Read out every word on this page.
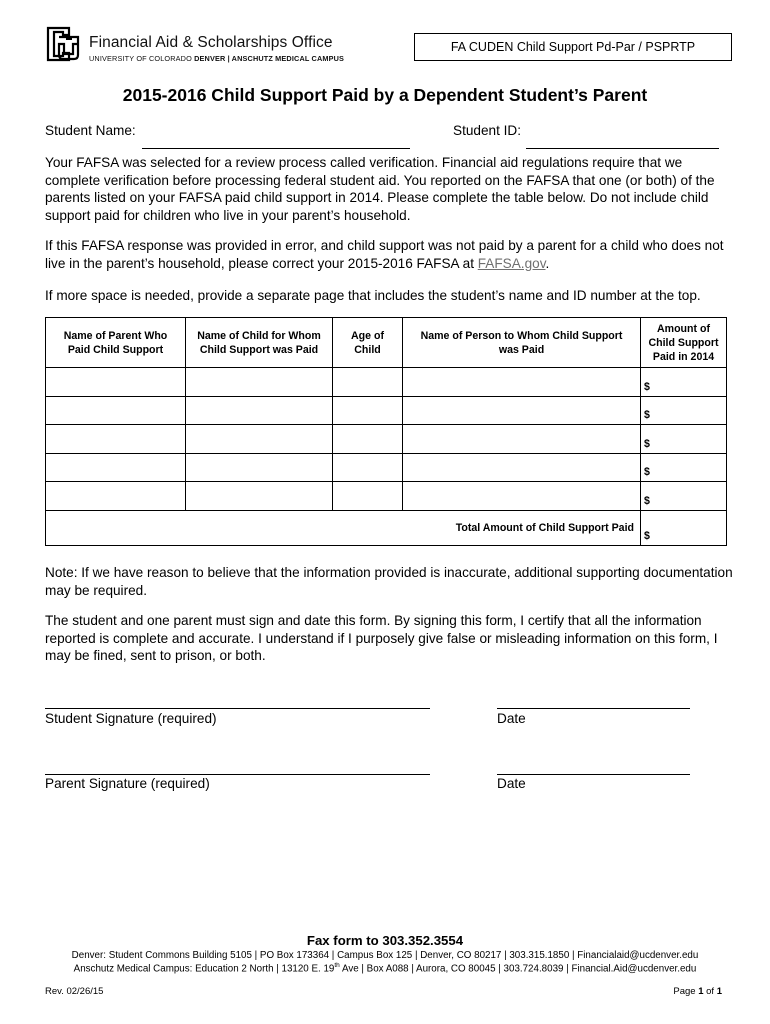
Financial Aid & Scholarships Office
UNIVERSITY OF COLORADO DENVER | ANSCHUTZ MEDICAL CAMPUS
FA CUDEN Child Support Pd-Par / PSPRTP
2015-2016 Child Support Paid by a Dependent Student’s Parent
Student Name:	Student ID:

Your FAFSA was selected for a review process called verification. Financial aid regulations require that we complete verification before processing federal student aid. You reported on the FAFSA that one (or both) of the parents listed on your FAFSA paid child support in 2014. Please complete the table below. Do not include child support paid for children who live in your parent’s household.

If this FAFSA response was provided in error, and child support was not paid by a parent for a child who does not live in the parent’s household, please correct your 2015-2016 FAFSA at FAFSA.gov.

If more space is needed, provide a separate page that includes the student’s name and ID number at the top.

Name of Parent Who Paid Child Support	Name of Child for Whom Child Support was Paid	Age of Child	Name of Person to Whom Child Support was Paid	Amount of Child Support Paid in 2014

				$

				$

				$

				$

				$

Total Amount of Child Support Paid				$

Note: If we have reason to believe that the information provided is inaccurate, additional supporting documentation may be required.

The student and one parent must sign and date this form. By signing this form, I certify that all the information reported is complete and accurate. I understand if I purposely give false or misleading information on this form, I may be fined, sent to prison, or both.

Student Signature (required)	Date
Parent Signature (required)	Date
Fax form to 303.352.3554
Denver: Student Commons Building 5105 | PO Box 173364 | Campus Box 125 | Denver, CO 80217 | 303.315.1850 | Financialaid@ucdenver.edu
Anschutz Medical Campus: Education 2 North | 13120 E. 19th Ave | Box A088 | Aurora, CO 80045 | 303.724.8039 | Financial.Aid@ucdenver.edu
Rev. 02/26/15	Page 1 of 1
